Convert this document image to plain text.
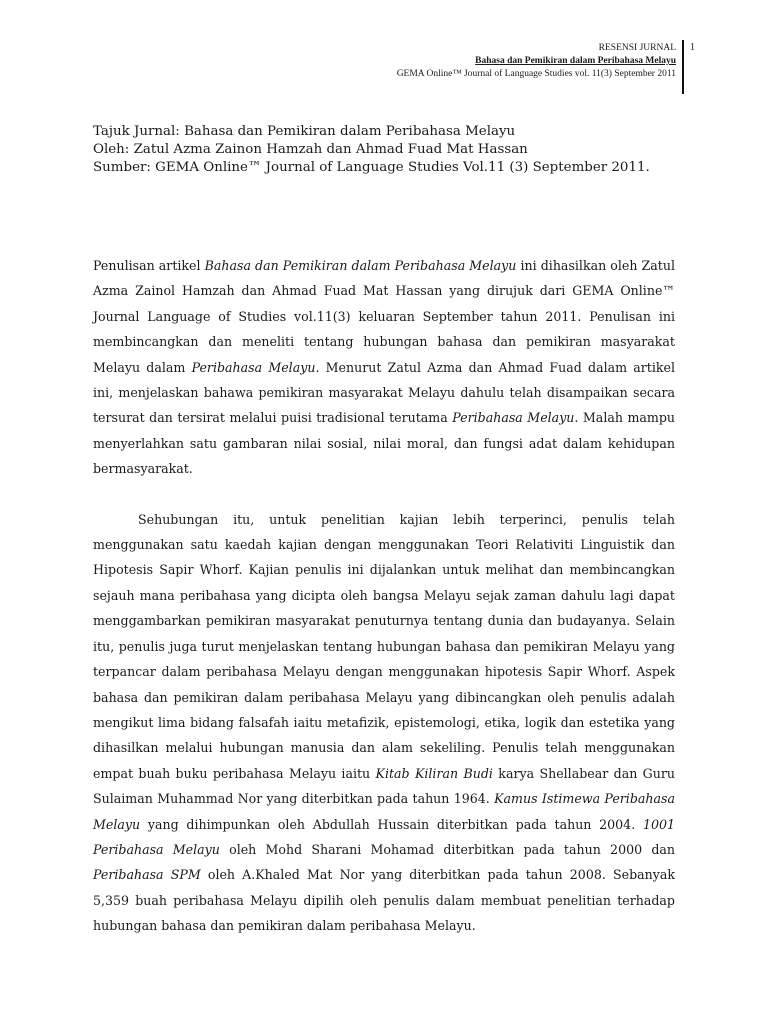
RESENSI JURNAL
Bahasa dan Pemikiran dalam Peribahasa Melayu
GEMA Online™ Journal of Language Studies vol. 11(3) September 2011
1
Tajuk Jurnal: Bahasa dan Pemikiran dalam Peribahasa Melayu
Oleh: Zatul Azma Zainon Hamzah dan Ahmad Fuad Mat Hassan
Sumber: GEMA Online™ Journal of Language Studies Vol.11 (3) September 2011.

Penulisan artikel Bahasa dan Pemikiran dalam Peribahasa Melayu ini dihasilkan oleh Zatul Azma Zainol Hamzah dan Ahmad Fuad Mat Hassan yang dirujuk dari GEMA Online™ Journal Language of Studies vol.11(3) keluaran September tahun 2011. Penulisan ini membincangkan dan meneliti tentang hubungan bahasa dan pemikiran masyarakat Melayu dalam Peribahasa Melayu. Menurut Zatul Azma dan Ahmad Fuad dalam artikel ini, menjelaskan bahawa pemikiran masyarakat Melayu dahulu telah disampaikan secara tersurat dan tersirat melalui puisi tradisional terutama Peribahasa Melayu. Malah mampu menyerlahkan satu gambaran nilai sosial, nilai moral, dan fungsi adat dalam kehidupan bermasyarakat.

Sehubungan itu, untuk penelitian kajian lebih terperinci, penulis telah menggunakan satu kaedah kajian dengan menggunakan Teori Relativiti Linguistik dan Hipotesis Sapir Whorf. Kajian penulis ini dijalankan untuk melihat dan membincangkan sejauh mana peribahasa yang dicipta oleh bangsa Melayu sejak zaman dahulu lagi dapat menggambarkan pemikiran masyarakat penuturnya tentang dunia dan budayanya. Selain itu, penulis juga turut menjelaskan tentang hubungan bahasa dan pemikiran Melayu yang terpancar dalam peribahasa Melayu dengan menggunakan hipotesis Sapir Whorf. Aspek bahasa dan pemikiran dalam peribahasa Melayu yang dibincangkan oleh penulis adalah mengikut lima bidang falsafah iaitu metafizik, epistemologi, etika, logik dan estetika yang dihasilkan melalui hubungan manusia dan alam sekeliling. Penulis telah menggunakan empat buah buku peribahasa Melayu iaitu Kitab Kiliran Budi karya Shellabear dan Guru Sulaiman Muhammad Nor yang diterbitkan pada tahun 1964. Kamus Istimewa Peribahasa Melayu yang dihimpunkan oleh Abdullah Hussain diterbitkan pada tahun 2004. 1001 Peribahasa Melayu oleh Mohd Sharani Mohamad diterbitkan pada tahun 2000 dan Peribahasa SPM oleh A.Khaled Mat Nor yang diterbitkan pada tahun 2008. Sebanyak 5,359 buah peribahasa Melayu dipilih oleh penulis dalam membuat penelitian terhadap hubungan bahasa dan pemikiran dalam peribahasa Melayu.
